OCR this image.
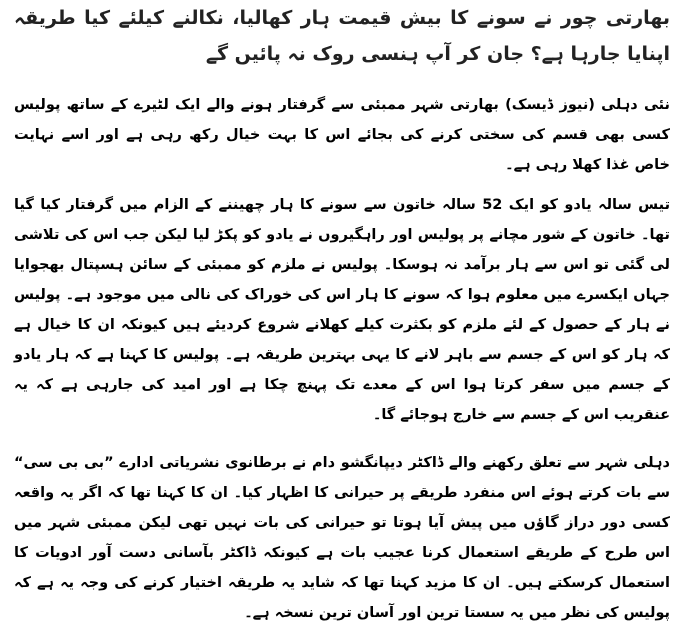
بھارتی چور نے سونے کا بیش قیمت ہار کھالیا، نکالنے کیلئے کیا طریقہ اپنایا جارہا ہے؟ جان کر آپ ہنسی روک نہ پائیں گے

نئی دہلی (نیوز ڈیسک) بھارتی شہر ممبئی سے گرفتار ہونے والے ایک لٹیرے کے ساتھ پولیس کسی بھی قسم کی سختی کرنے کی بجائے اس کا بہت خیال رکھ رہی ہے اور اسے نہایت خاص غذا کھلا رہی ہے۔

تیس سالہ یادو کو ایک 52 سالہ خاتون سے سونے کا ہار چھیننے کے الزام میں گرفتار کیا گیا تھا۔ خاتون کے شور مچانے پر پولیس اور راہگیروں نے یادو کو پکڑ لیا لیکن جب اس کی تلاشی لی گئی تو اس سے ہار برآمد نہ ہوسکا۔ پولیس نے ملزم کو ممبئی کے سائن ہسپتال بھجوایا جہاں ایکسرے میں معلوم ہوا کہ سونے کا ہار اس کی خوراک کی نالی میں موجود ہے۔ پولیس نے ہار کے حصول کے لئے ملزم کو بکثرت کیلے کھلانے شروع کردیئے ہیں کیونکہ ان کا خیال ہے کہ ہار کو اس کے جسم سے باہر لانے کا یہی بہترین طریقہ ہے۔ پولیس کا کہنا ہے کہ ہار یادو کے جسم میں سفر کرتا ہوا اس کے معدے تک پہنچ چکا ہے اور امید کی جارہی ہے کہ یہ عنقریب اس کے جسم سے خارج ہوجائے گا۔

دہلی شہر سے تعلق رکھنے والے ڈاکٹر دیپانگشو دام نے برطانوی نشریاتی ادارے ”بی بی سی“ سے بات کرتے ہوئے اس منفرد طریقے پر حیرانی کا اظہار کیا۔ ان کا کہنا تھا کہ اگر یہ واقعہ کسی دور دراز گاﺅں میں پیش آیا ہوتا تو حیرانی کی بات نہیں تھی لیکن ممبئی شہر میں اس طرح کے طریقے استعمال کرنا عجیب بات ہے کیونکہ ڈاکٹر بآسانی دست آور ادویات کا استعمال کرسکتے ہیں۔ ان کا مزید کہنا تھا کہ شاید یہ طریقہ اختیار کرنے کی وجہ یہ ہے کہ پولیس کی نظر میں یہ سستا ترین اور آسان ترین نسخہ ہے۔
